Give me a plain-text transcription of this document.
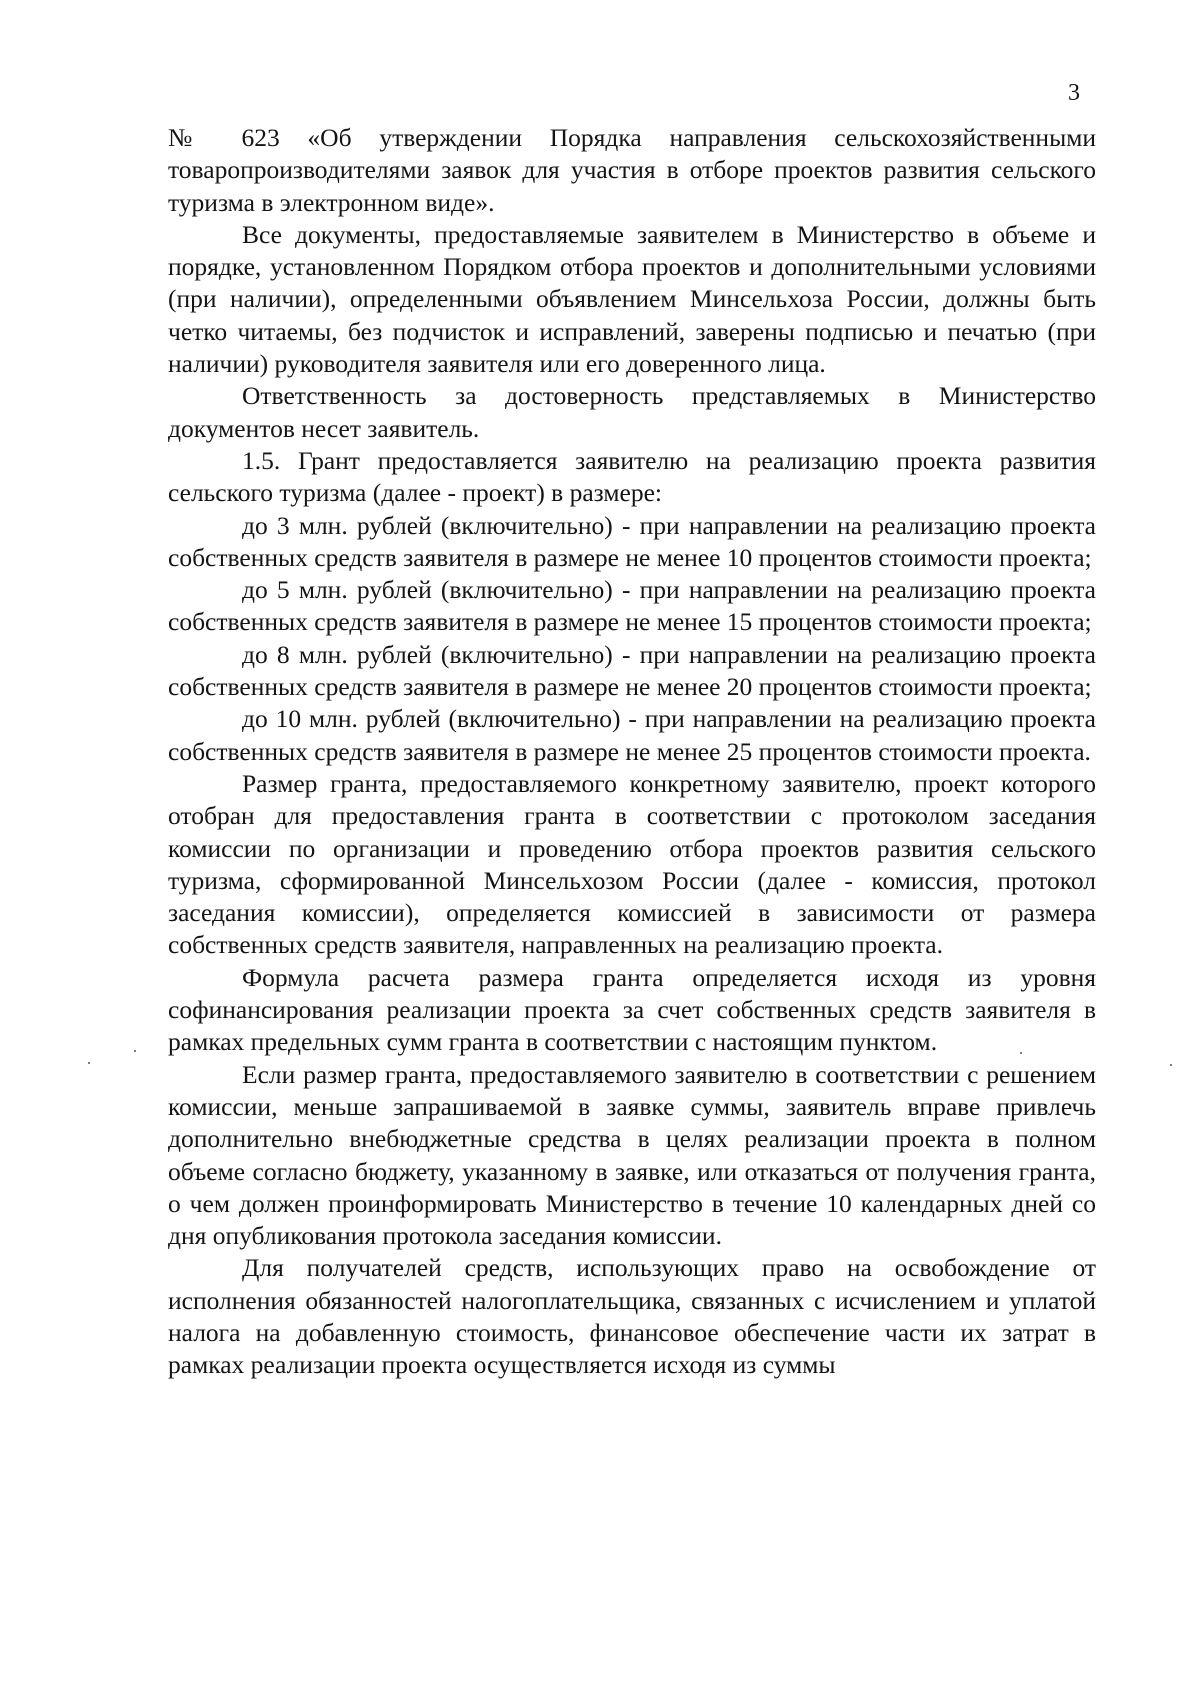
3

№ 623 «Об утверждении Порядка направления сельскохозяйственными товаропроизводителями заявок для участия в отборе проектов развития сельского туризма в электронном виде».

Все документы, предоставляемые заявителем в Министерство в объеме и порядке, установленном Порядком отбора проектов и дополнительными условиями (при наличии), определенными объявлением Минсельхоза России, должны быть четко читаемы, без подчисток и исправлений, заверены подписью и печатью (при наличии) руководителя заявителя или его доверенного лица.

Ответственность за достоверность представляемых в Министерство документов несет заявитель.

1.5. Грант предоставляется заявителю на реализацию проекта развития сельского туризма (далее - проект) в размере:

до 3 млн. рублей (включительно) - при направлении на реализацию проекта собственных средств заявителя в размере не менее 10 процентов стоимости проекта;

до 5 млн. рублей (включительно) - при направлении на реализацию проекта собственных средств заявителя в размере не менее 15 процентов стоимости проекта;

до 8 млн. рублей (включительно) - при направлении на реализацию проекта собственных средств заявителя в размере не менее 20 процентов стоимости проекта;

до 10 млн. рублей (включительно) - при направлении на реализацию проекта собственных средств заявителя в размере не менее 25 процентов стоимости проекта.

Размер гранта, предоставляемого конкретному заявителю, проект которого отобран для предоставления гранта в соответствии с протоколом заседания комиссии по организации и проведению отбора проектов развития сельского туризма, сформированной Минсельхозом России (далее - комиссия, протокол заседания комиссии), определяется комиссией в зависимости от размера собственных средств заявителя, направленных на реализацию проекта.

Формула расчета размера гранта определяется исходя из уровня софинансирования реализации проекта за счет собственных средств заявителя в рамках предельных сумм гранта в соответствии с настоящим пунктом.

Если размер гранта, предоставляемого заявителю в соответствии с решением комиссии, меньше запрашиваемой в заявке суммы, заявитель вправе привлечь дополнительно внебюджетные средства в целях реализации проекта в полном объеме согласно бюджету, указанному в заявке, или отказаться от получения гранта, о чем должен проинформировать Министерство в течение 10 календарных дней со дня опубликования протокола заседания комиссии.

Для получателей средств, использующих право на освобождение от исполнения обязанностей налогоплательщика, связанных с исчислением и уплатой налога на добавленную стоимость, финансовое обеспечение части их затрат в рамках реализации проекта осуществляется исходя из суммы
